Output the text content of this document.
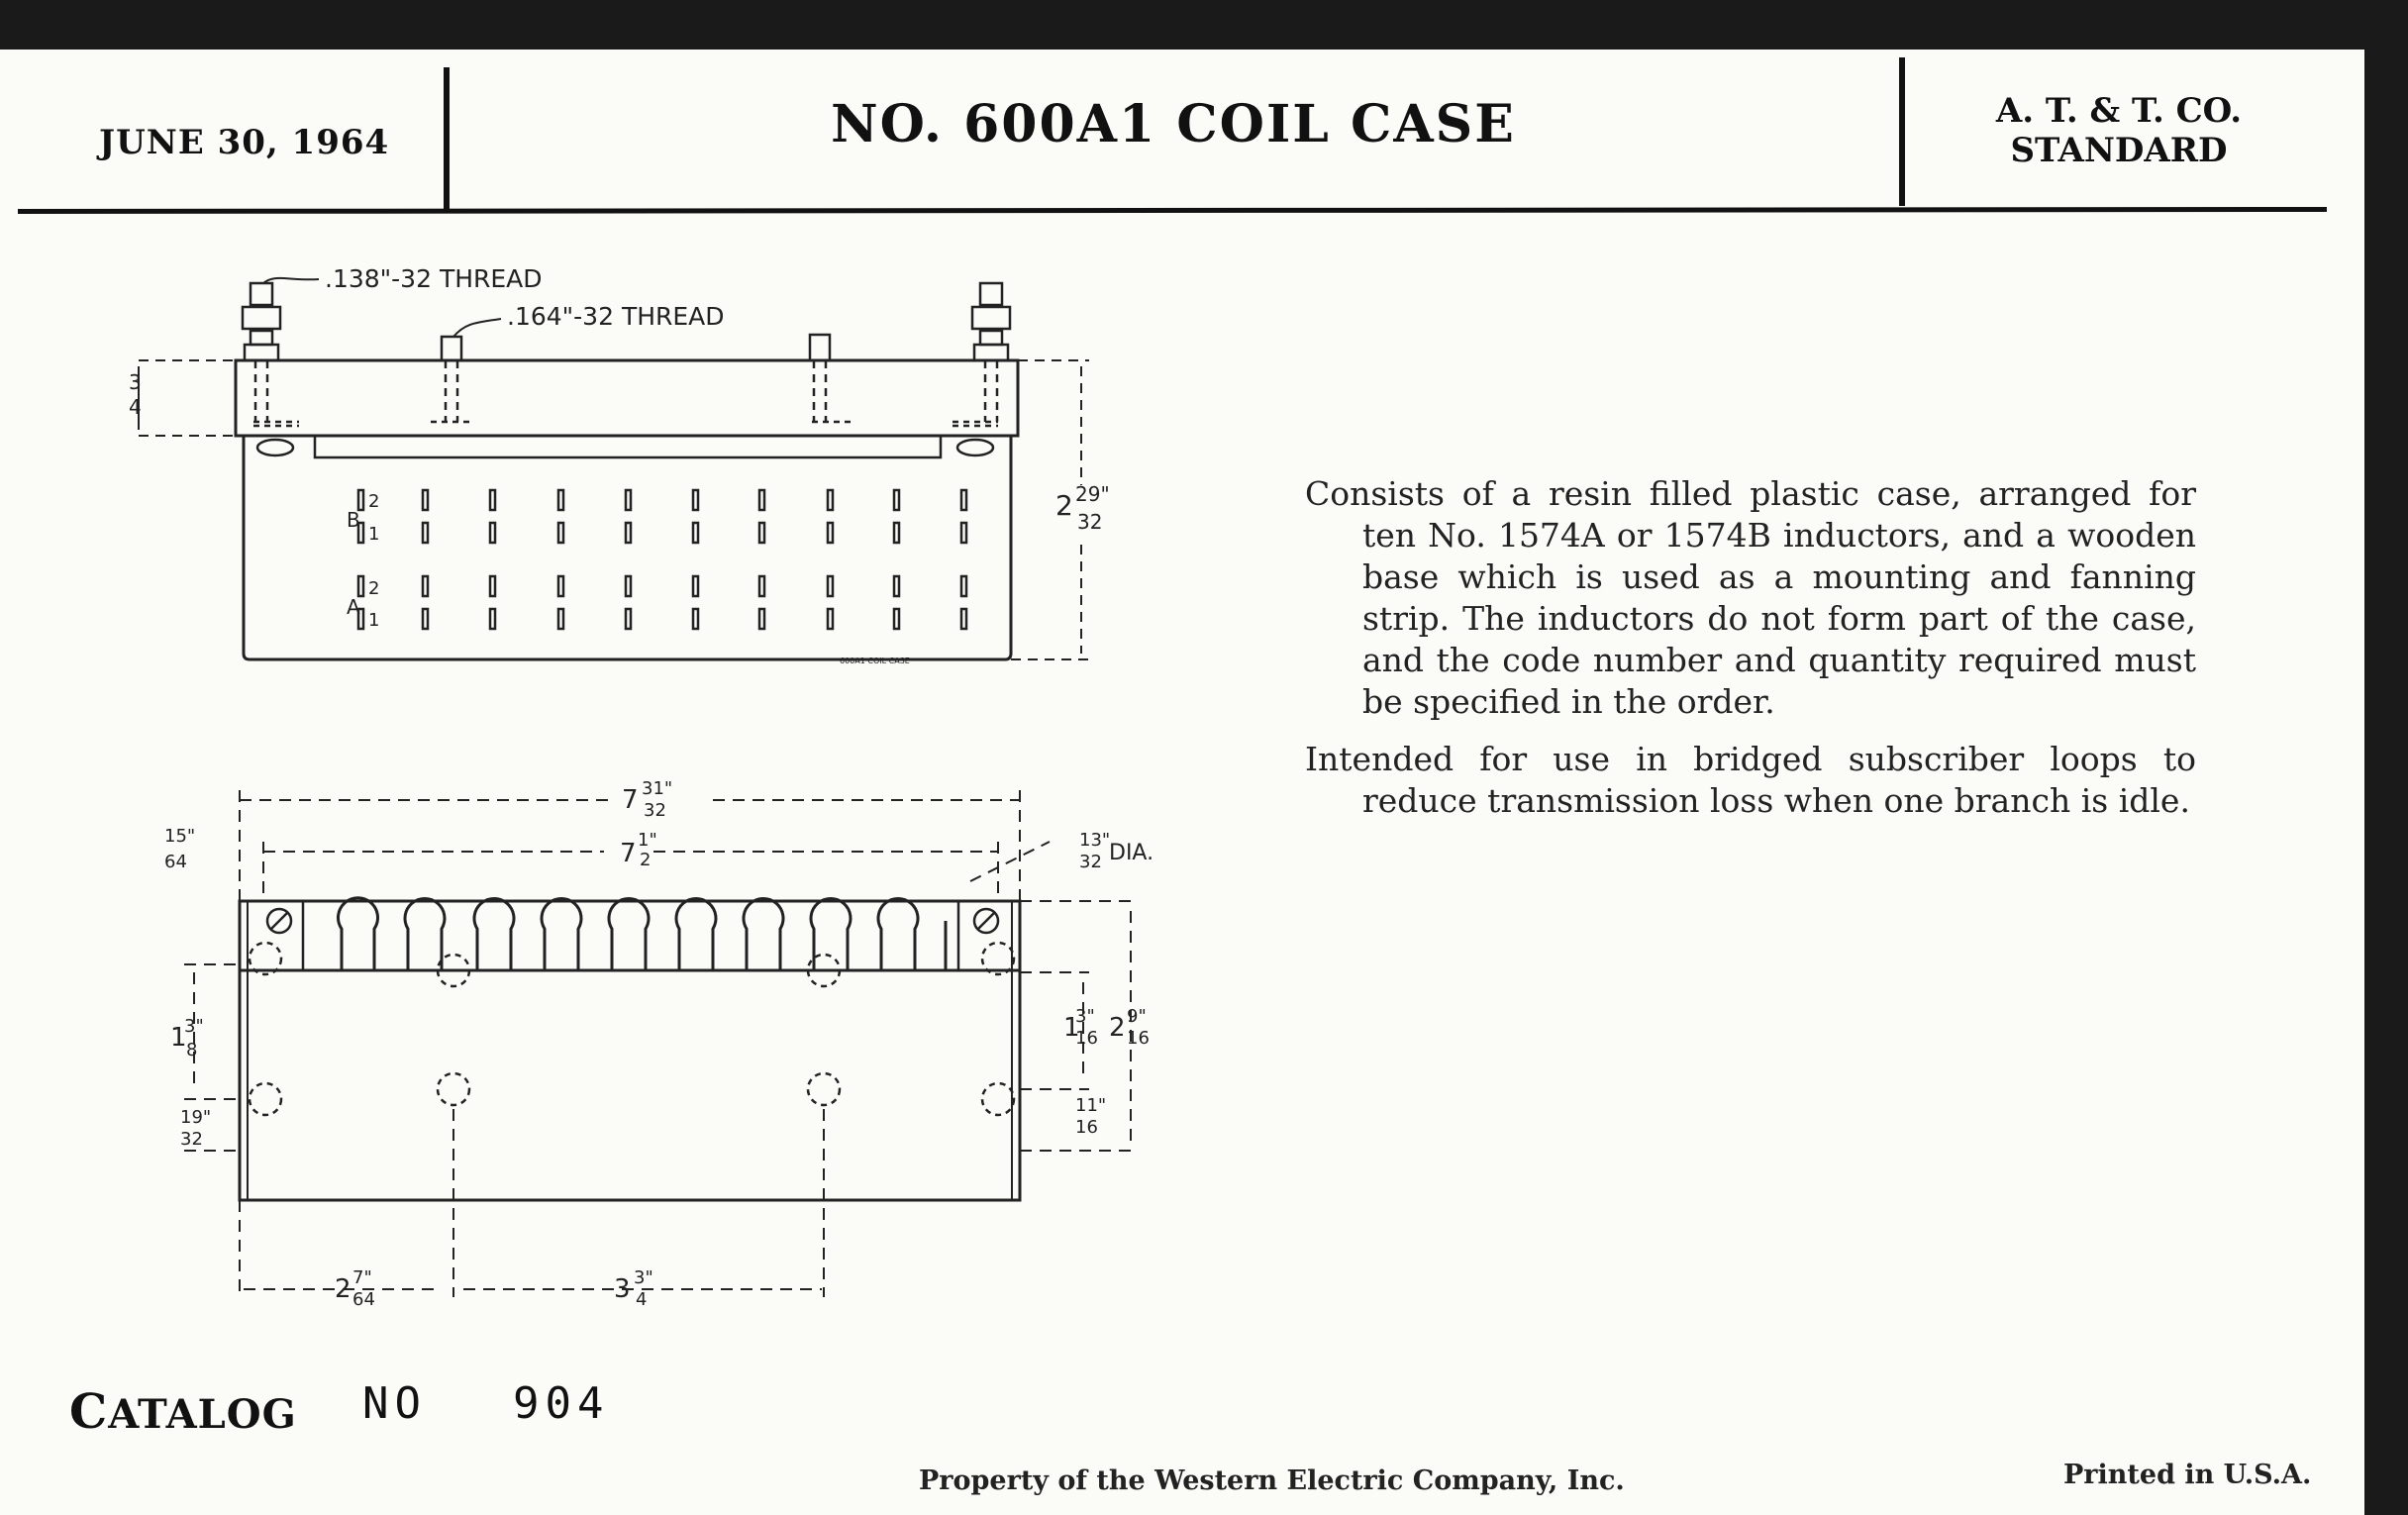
JUNE 30, 1964	NO. 600A1 COIL CASE	A. T. & T. CO.
STANDARD
.138"-32 THREAD
.164"-32 THREAD
3
4
2 29"
32
B
A
2
1
2
1
600A1 COIL CASE
7 31"
32
7 1"
2
15"
64
13"
32 DIA.
1
3"
8
19"
32
1
3"
16 2 9"
16
11"
16
2 7"
64	3 3"
4

Consists of a resin filled plastic case, arranged for ten No. 1574A or 1574B inductors, and a wooden base which is used as a mounting and fanning strip. The inductors do not form part of the case, and the code number and quantity required must be specified in the order.

Intended for use in bridged subscriber loops to reduce transmission loss when one branch is idle.

CATALOG NO 904
Property of the Western Electric Company, Inc.	Printed in U.S.A.
